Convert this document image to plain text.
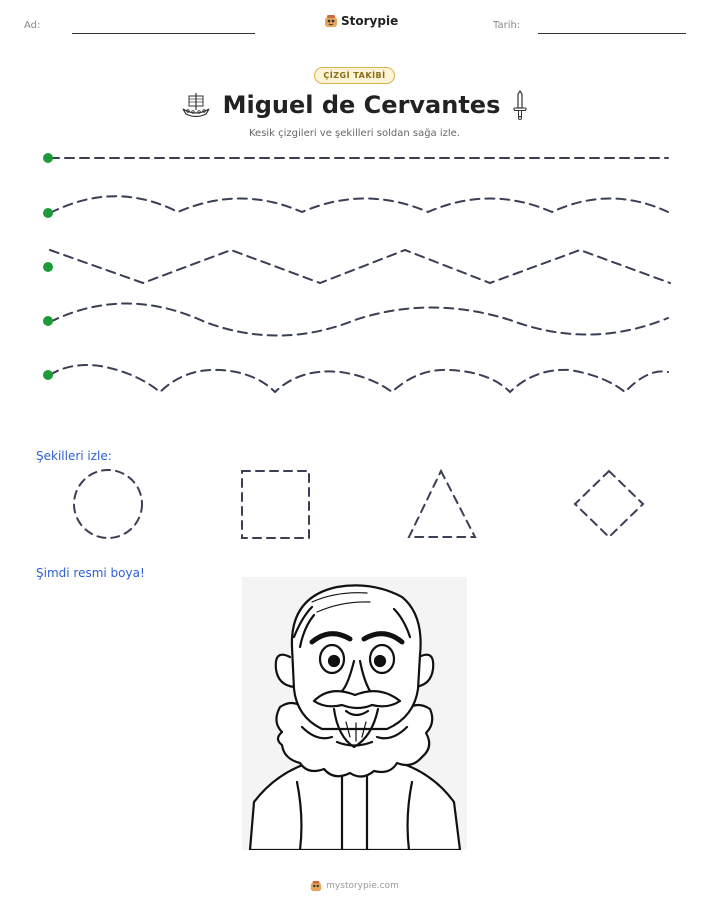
Ad:	Storypie	Tarih:
ÇİZGİ TAKİBİ
Miguel de Cervantes
Kesik çizgileri ve şekilleri soldan sağa izle.
Şekilleri izle:
Şimdi resmi boya!
mystorypie.com
